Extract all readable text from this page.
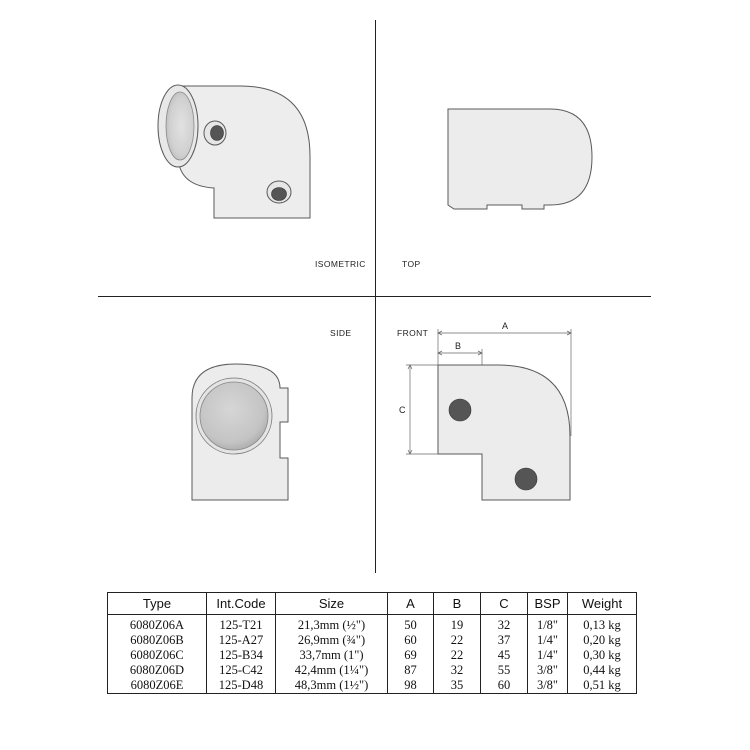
ISOMETRIC	TOP
SIDE	FRONT
A
B
C
Type	Int.Code	Size	A	B	C	BSP	Weight
6080Z06A	125-T21	21,3mm (½")	50	19	32	1/8"	0,13 kg
6080Z06B	125-A27	26,9mm (¾")	60	22	37	1/4"	0,20 kg
6080Z06C	125-B34	33,7mm (1")	69	22	45	1/4"	0,30 kg
6080Z06D	125-C42	42,4mm (1¼")	87	32	55	3/8"	0,44 kg
6080Z06E	125-D48	48,3mm (1½")	98	35	60	3/8"	0,51 kg
